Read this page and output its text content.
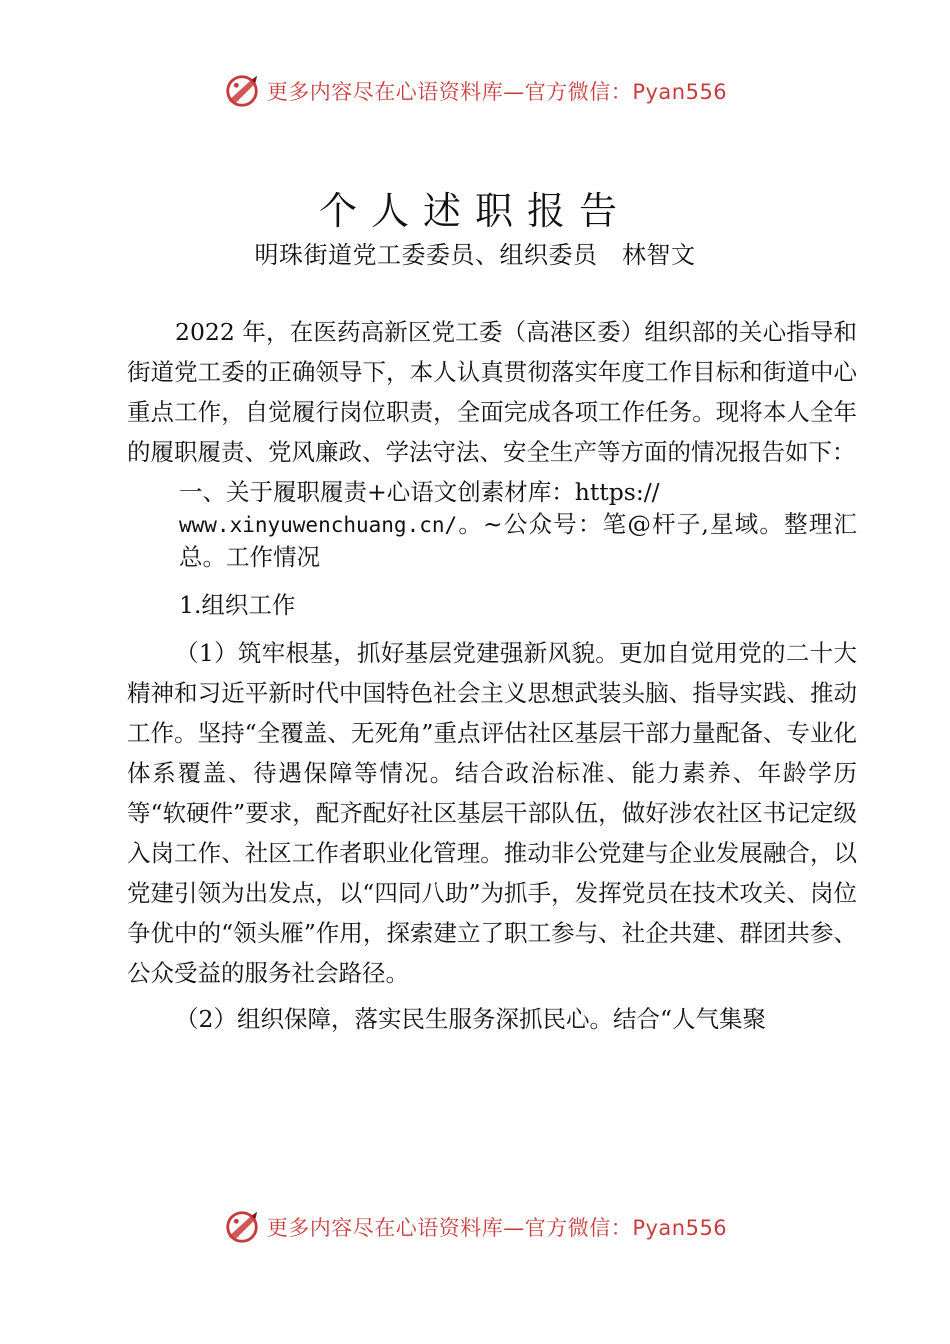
更多内容尽在心语资料库—官方微信：Pyan556
个人述职报告
明珠街道党工委委员、组织委员　林智文

2022 年，在医药高新区党工委（高港区委）组织部的关心指导和街道党工委的正确领导下，本人认真贯彻落实年度工作目标和街道中心重点工作，自觉履行岗位职责，全面完成各项工作任务。现将本人全年的履职履责、党风廉政、学法守法、安全生产等方面的情况报告如下：

一、关于履职履责+心语文创素材库：https://
www.xinyuwenchuang.cn/。~公众号：笔@杆子,星域。整理汇总。工作情况

1.组织工作

（1）筑牢根基，抓好基层党建强新风貌。更加自觉用党的二十大精神和习近平新时代中国特色社会主义思想武装头脑、指导实践、推动工作。坚持“全覆盖、无死角”重点评估社区基层干部力量配备、专业化体系覆盖、待遇保障等情况。结合政治标准、能力素养、年龄学历等“软硬件”要求，配齐配好社区基层干部队伍，做好涉农社区书记定级入岗工作、社区工作者职业化管理。推动非公党建与企业发展融合，以党建引领为出发点，以“四同八助”为抓手，发挥党员在技术攻关、岗位争优中的“领头雁”作用，探索建立了职工参与、社企共建、群团共参、公众受益的服务社会路径。

（2）组织保障，落实民生服务深抓民心。结合“人气集聚

更多内容尽在心语资料库—官方微信：Pyan556
